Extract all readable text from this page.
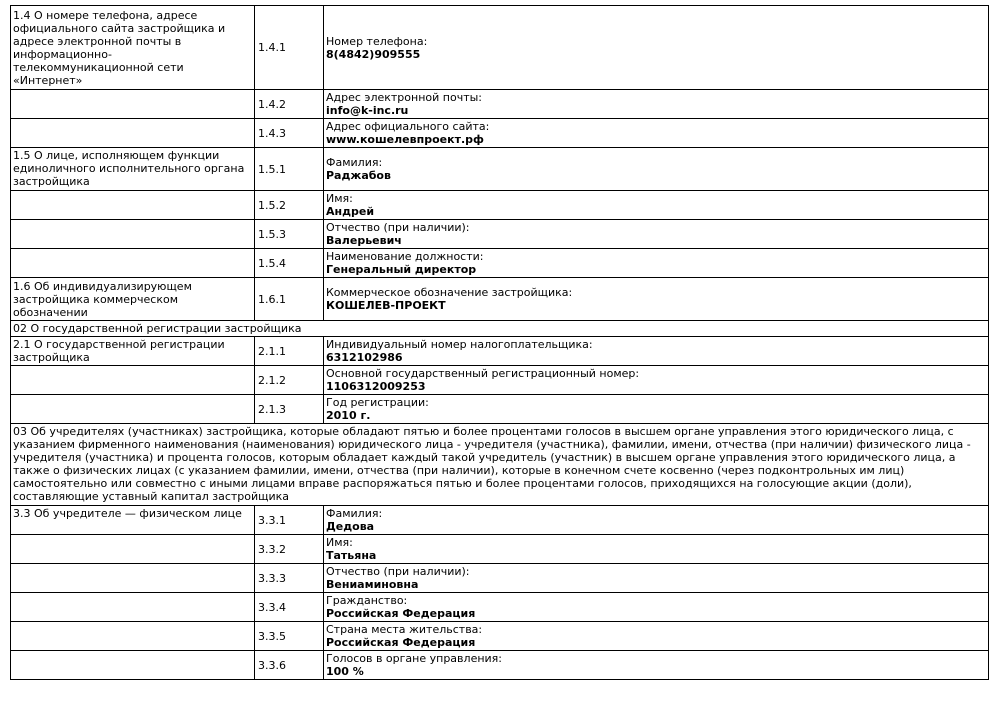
1.4 О номере телефона, адресе официального сайта застройщика и адресе электронной почты в информационно-телекоммуникационной сети «Интернет»	1.4.1	Номер телефона:
8(4842)909555

	1.4.2	Адрес электронной почты:
info@k-inc.ru

	1.4.3	Адрес официального сайта:
www.кошелевпроект.рф

1.5 О лице, исполняющем функции единоличного исполнительного органа застройщика	1.5.1	Фамилия:
Раджабов

	1.5.2	Имя:
Андрей

	1.5.3	Отчество (при наличии):
Валерьевич

	1.5.4	Наименование должности:
Генеральный директор

1.6 Об индивидуализирующем застройщика коммерческом обозначении	1.6.1	Коммерческое обозначение застройщика:
КОШЕЛЕВ-ПРОЕКТ

02 О государственной регистрации застройщика		
2.1 О государственной регистрации застройщика	2.1.1	Индивидуальный номер налогоплательщика:
6312102986

	2.1.2	Основной государственный регистрационный номер:
1106312009253

	2.1.3	Год регистрации:
2010 г.

03 Об учредителях (участниках) застройщика, которые обладают пятью и более процентами голосов в высшем органе управления этого юридического лица, с указанием фирменного наименования (наименования) юридического лица - учредителя (участника), фамилии, имени, отчества (при наличии) физического лица - учредителя (участника) и процента голосов, которым обладает каждый такой учредитель (участник) в высшем органе управления этого юридического лица, а также о физических лицах (с указанием фамилии, имени, отчества (при наличии), которые в конечном счете косвенно (через подконтрольных им лиц) самостоятельно или совместно с иными лицами вправе распоряжаться пятью и более процентами голосов, приходящихся на голосующие акции (доли), составляющие уставный капитал застройщика		
3.3 Об учредителе — физическом лице	3.3.1	Фамилия:
Дедова

	3.3.2	Имя:
Татьяна

	3.3.3	Отчество (при наличии):
Вениаминовна

	3.3.4	Гражданство:
Российская Федерация

	3.3.5	Страна места жительства:
Российская Федерация

	3.3.6	Голосов в органе управления:
100 %
